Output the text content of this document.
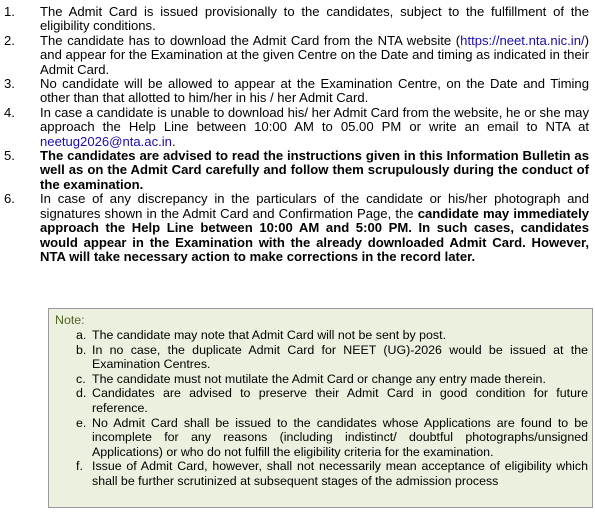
1. The Admit Card is issued provisionally to the candidates, subject to the fulfillment of the eligibility conditions.
2. The candidate has to download the Admit Card from the NTA website (https://neet.nta.nic.in/) and appear for the Examination at the given Centre on the Date and timing as indicated in their Admit Card.
3. No candidate will be allowed to appear at the Examination Centre, on the Date and Timing other than that allotted to him/her in his / her Admit Card.
4. In case a candidate is unable to download his/ her Admit Card from the website, he or she may approach the Help Line between 10:00 AM to 05.00 PM or write an email to NTA at neetug2026@nta.ac.in.
5. The candidates are advised to read the instructions given in this Information Bulletin as well as on the Admit Card carefully and follow them scrupulously during the conduct of the examination.
6. In case of any discrepancy in the particulars of the candidate or his/her photograph and signatures shown in the Admit Card and Confirmation Page, the candidate may immediately approach the Help Line between 10:00 AM and 5:00 PM. In such cases, candidates would appear in the Examination with the already downloaded Admit Card. However, NTA will take necessary action to make corrections in the record later.
Note:
a. The candidate may note that Admit Card will not be sent by post.
b. In no case, the duplicate Admit Card for NEET (UG)-2026 would be issued at the Examination Centres.
c. The candidate must not mutilate the Admit Card or change any entry made therein.
d. Candidates are advised to preserve their Admit Card in good condition for future reference.
e. No Admit Card shall be issued to the candidates whose Applications are found to be incomplete for any reasons (including indistinct/ doubtful photographs/unsigned Applications) or who do not fulfill the eligibility criteria for the examination.
f. Issue of Admit Card, however, shall not necessarily mean acceptance of eligibility which shall be further scrutinized at subsequent stages of the admission process
